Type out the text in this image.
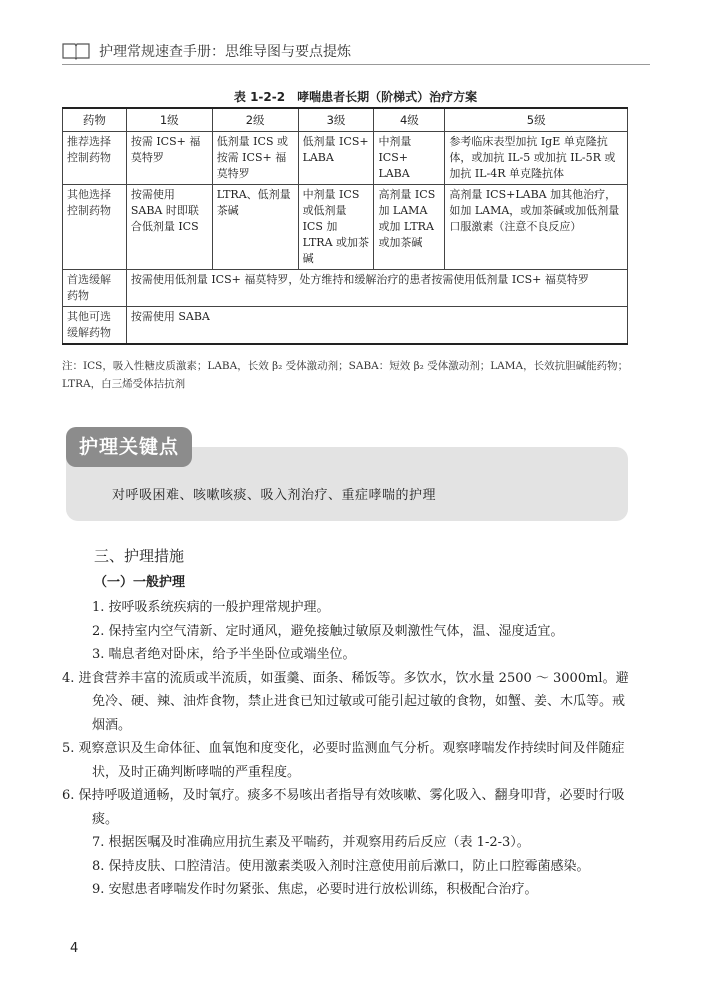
护理常规速查手册：思维导图与要点提炼
表 1-2-2　哮喘患者长期（阶梯式）治疗方案
药物	1级	2级	3级	4级	5级
推荐选择控制药物	按需 ICS+ 福莫特罗	低剂量 ICS 或按需 ICS+ 福莫特罗	低剂量 ICS+ LABA	中剂量 ICS+ LABA	参考临床表型加抗 IgE 单克隆抗体，或加抗 IL-5 或加抗 IL-5R 或加抗 IL-4R 单克隆抗体
其他选择控制药物	按需使用 SABA 时即联合低剂量 ICS	LTRA、低剂量茶碱	中剂量 ICS 或低剂量 ICS 加 LTRA 或加茶碱	高剂量 ICS 加 LAMA 或加 LTRA 或加茶碱	高剂量 ICS+LABA 加其他治疗，如加 LAMA，或加茶碱或加低剂量口服激素（注意不良反应）
首选缓解药物	按需使用低剂量 ICS+ 福莫特罗，处方维持和缓解治疗的患者按需使用低剂量 ICS+ 福莫特罗				
其他可选缓解药物	按需使用 SABA				
注：ICS，吸入性糖皮质激素；LABA，长效 β₂ 受体激动剂；SABA：短效 β₂ 受体激动剂；LAMA，长效抗胆碱能药物；LTRA，白三烯受体拮抗剂
护理关键点
对呼吸困难、咳嗽咳痰、吸入剂治疗、重症哮喘的护理
三、护理措施
（一）一般护理

1. 按呼吸系统疾病的一般护理常规护理。

2. 保持室内空气清新、定时通风，避免接触过敏原及刺激性气体，温、湿度适宜。

3. 喘息者绝对卧床，给予半坐卧位或端坐位。

4. 进食营养丰富的流质或半流质，如蛋羹、面条、稀饭等。多饮水，饮水量 2500 ～ 3000ml。避免冷、硬、辣、油炸食物，禁止进食已知过敏或可能引起过敏的食物，如蟹、姜、木瓜等。戒烟酒。

5. 观察意识及生命体征、血氧饱和度变化，必要时监测血气分析。观察哮喘发作持续时间及伴随症状，及时正确判断哮喘的严重程度。

6. 保持呼吸道通畅，及时氧疗。痰多不易咳出者指导有效咳嗽、雾化吸入、翻身叩背，必要时行吸痰。

7. 根据医嘱及时准确应用抗生素及平喘药，并观察用药后反应（表 1-2-3）。

8. 保持皮肤、口腔清洁。使用激素类吸入剂时注意使用前后漱口，防止口腔霉菌感染。

9. 安慰患者哮喘发作时勿紧张、焦虑，必要时进行放松训练，积极配合治疗。

4
